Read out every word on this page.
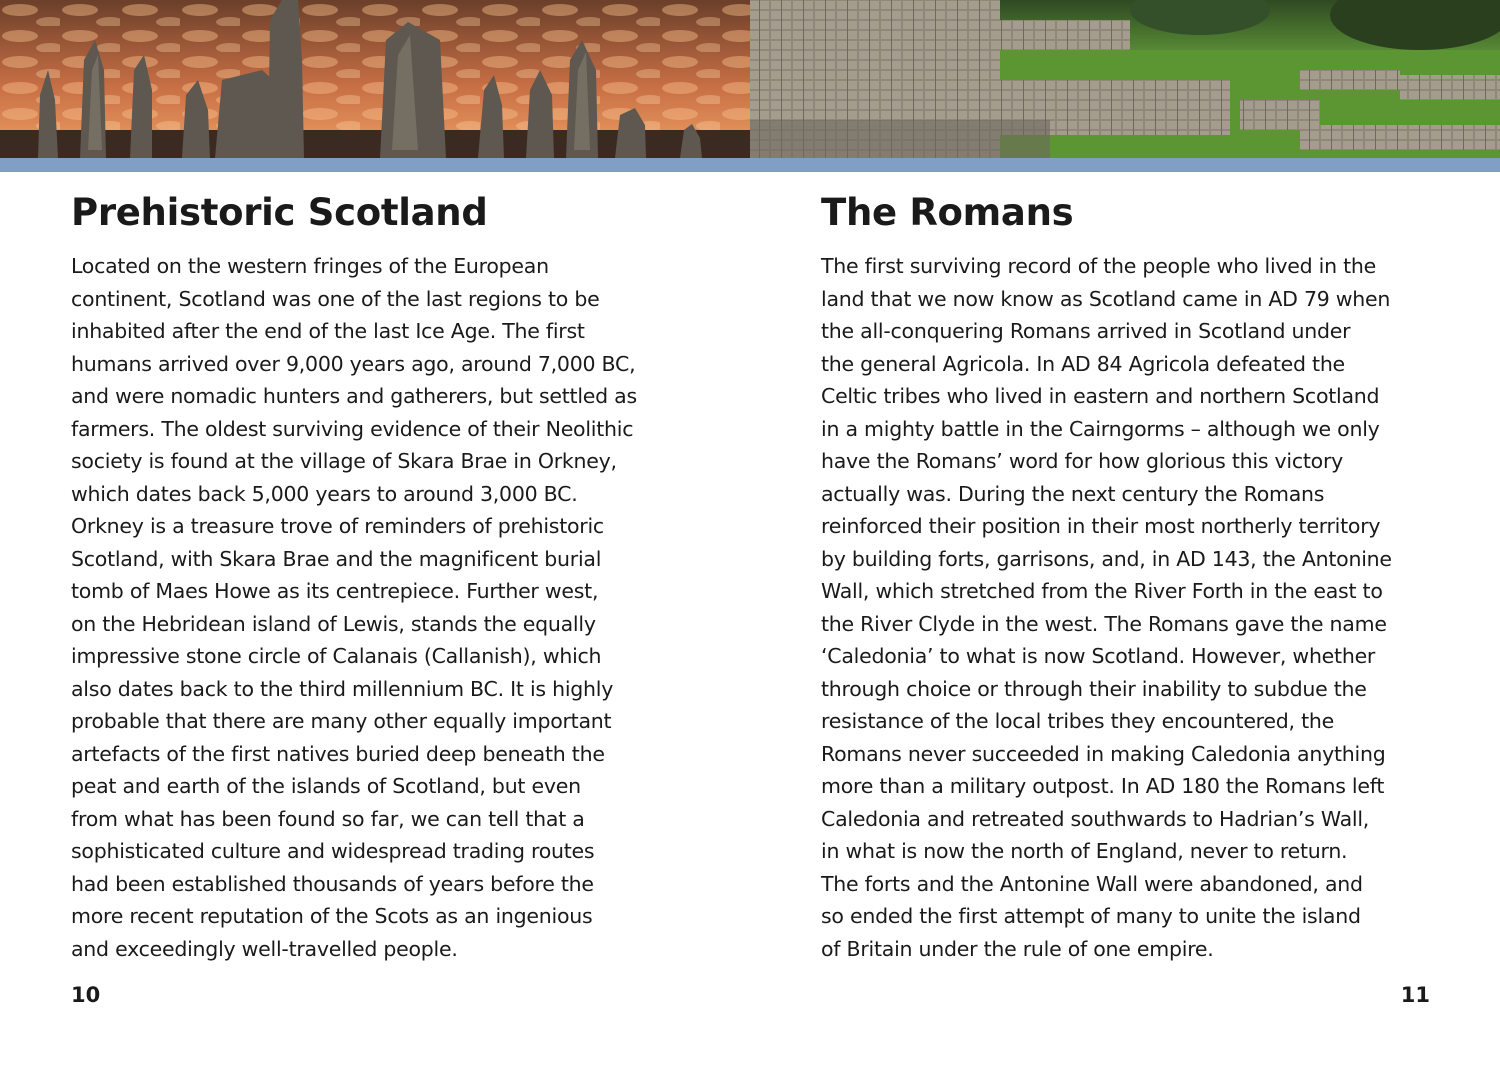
Prehistoric Scotland

Located on the western fringes of the European
continent, Scotland was one of the last regions to be
inhabited after the end of the last Ice Age. The first
humans arrived over 9,000 years ago, around 7,000 BC,
and were nomadic hunters and gatherers, but settled as
farmers. The oldest surviving evidence of their Neolithic
society is found at the village of Skara Brae in Orkney,
which dates back 5,000 years to around 3,000 BC.
Orkney is a treasure trove of reminders of prehistoric
Scotland, with Skara Brae and the magnificent burial
tomb of Maes Howe as its centrepiece. Further west,
on the Hebridean island of Lewis, stands the equally
impressive stone circle of Calanais (Callanish), which
also dates back to the third millennium BC. It is highly
probable that there are many other equally important
artefacts of the first natives buried deep beneath the
peat and earth of the islands of Scotland, but even
from what has been found so far, we can tell that a
sophisticated culture and widespread trading routes
had been established thousands of years before the
more recent reputation of the Scots as an ingenious
and exceedingly well-travelled people.

The Romans

The first surviving record of the people who lived in the
land that we now know as Scotland came in AD 79 when
the all-conquering Romans arrived in Scotland under
the general Agricola. In AD 84 Agricola defeated the
Celtic tribes who lived in eastern and northern Scotland
in a mighty battle in the Cairngorms – although we only
have the Romans’ word for how glorious this victory
actually was. During the next century the Romans
reinforced their position in their most northerly territory
by building forts, garrisons, and, in AD 143, the Antonine
Wall, which stretched from the River Forth in the east to
the River Clyde in the west. The Romans gave the name
‘Caledonia’ to what is now Scotland. However, whether
through choice or through their inability to subdue the
resistance of the local tribes they encountered, the
Romans never succeeded in making Caledonia anything
more than a military outpost. In AD 180 the Romans left
Caledonia and retreated southwards to Hadrian’s Wall,
in what is now the north of England, never to return.
The forts and the Antonine Wall were abandoned, and
so ended the first attempt of many to unite the island
of Britain under the rule of one empire.

10	11
